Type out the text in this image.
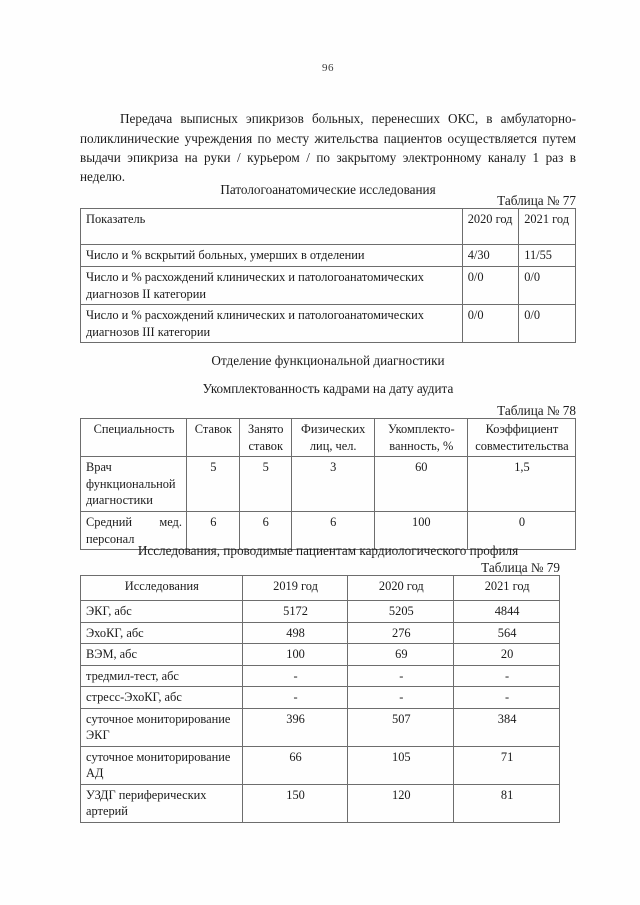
96

Передача выписных эпикризов больных, перенесших ОКС, в амбулаторно-поликлинические учреждения по месту жительства пациентов осуществляется путем выдачи эпикриза на руки / курьером / по закрытому электронному каналу 1 раз в неделю.

Патологоанатомические исследования
Таблица № 77
Показатель	2020 год	2021 год
Число и % вскрытий больных, умерших в отделении	4/30	11/55
Число и % расхождений клинических и патологоанатомических диагнозов II категории	0/0	0/0
Число и % расхождений клинических и патологоанатомических диагнозов III категории	0/0	0/0
Отделение функциональной диагностики
Укомплектованность кадрами на дату аудита
Таблица № 78
Специальность	Ставок	Занято ставок	Физических лиц, чел.	Укомплекто-ванность, %	Коэффициент совместительства
Врач функциональной диагностики	5	5	3	60	1,5
Средний мед. персонал	6	6	6	100	0
Исследования, проводимые пациентам кардиологического профиля
Таблица № 79
Исследования	2019 год	2020 год	2021 год
ЭКГ, абс	5172	5205	4844
ЭхоКГ, абс	498	276	564
ВЭМ, абс	100	69	20
тредмил-тест, абс	-	-	-
стресс-ЭхоКГ, абс	-	-	-
суточное мониторирование ЭКГ	396	507	384
суточное мониторирование АД	66	105	71
УЗДГ периферических артерий	150	120	81
